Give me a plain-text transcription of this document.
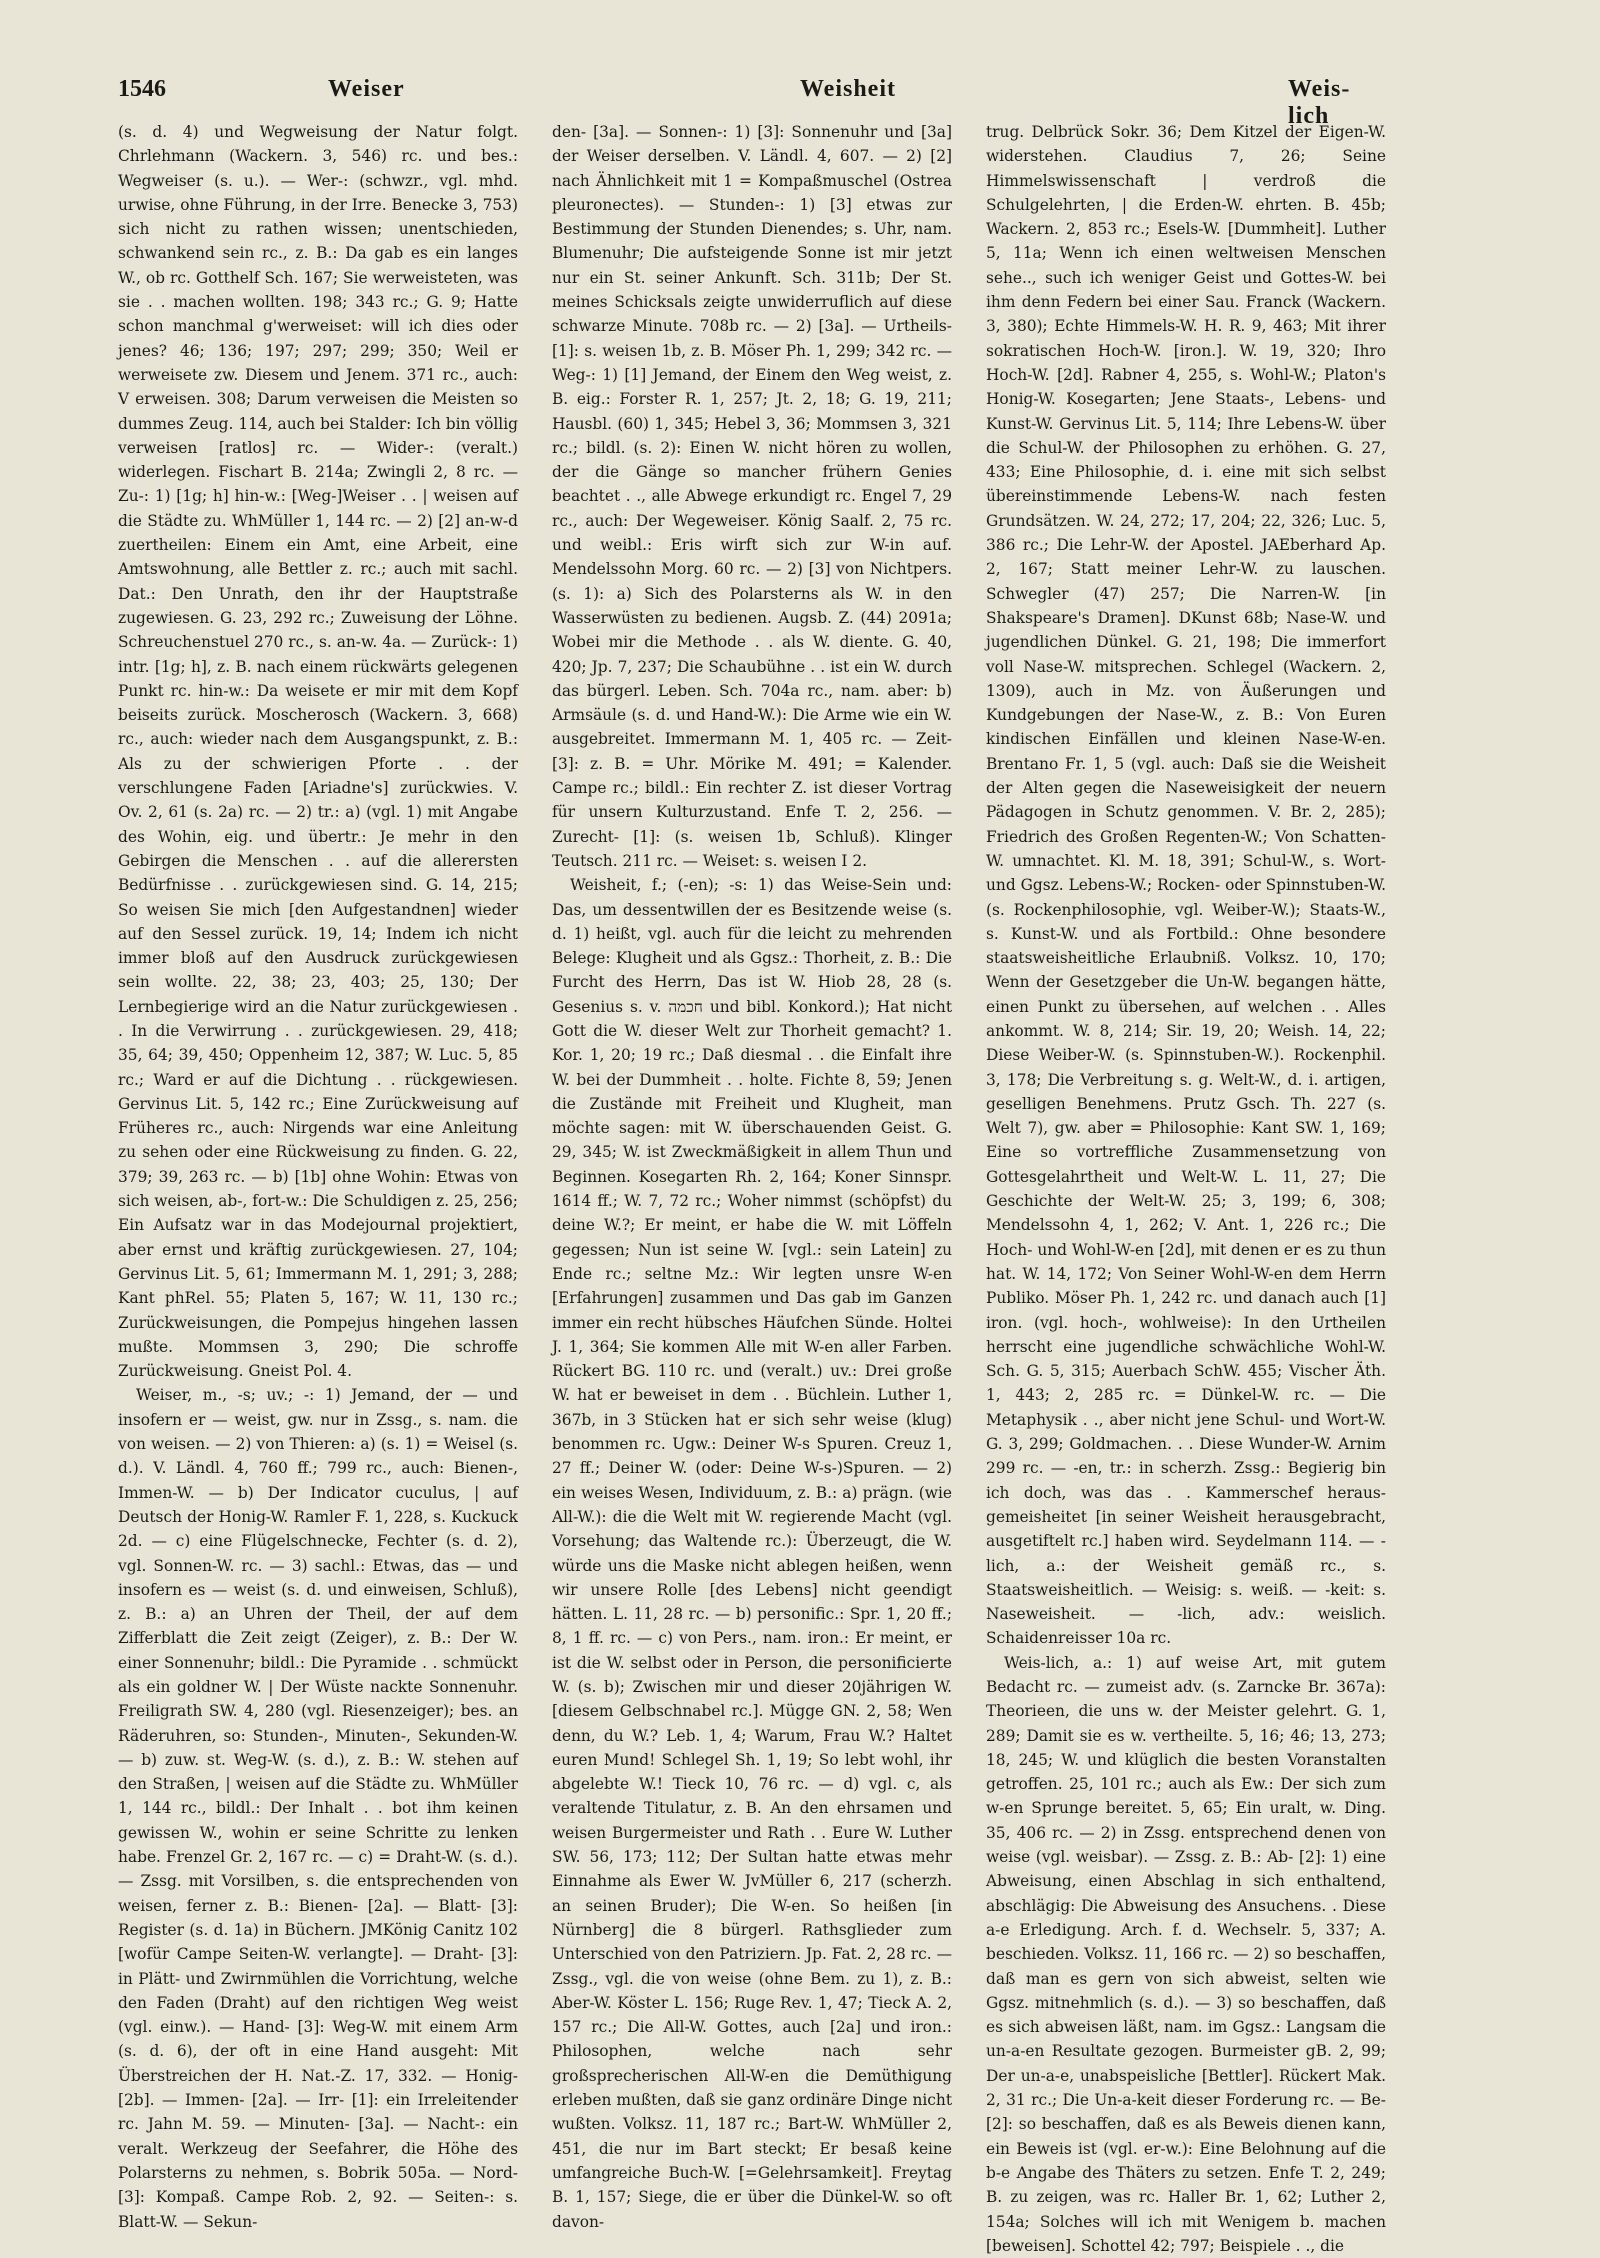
1546	Weiser	Weisheit	Weis-lich

(s. d. 4) und Wegweisung der Natur folgt. Chrlehmann (Wackern. 3, 546) rc. und bes.: Wegweiser (s. u.). — Wer-: (schwzr., vgl. mhd. urwise, ohne Führung, in der Irre. Benecke 3, 753) sich nicht zu rathen wissen; unentschieden, schwankend sein rc., z. B.: Da gab es ein langes W., ob rc. Gotthelf Sch. 167; Sie werweisteten, was sie . . machen wollten. 198; 343 rc.; G. 9; Hatte schon manchmal g'werweiset: will ich dies oder jenes? 46; 136; 197; 297; 299; 350; Weil er werweisete zw. Diesem und Jenem. 371 rc., auch: V erweisen. 308; Darum verweisen die Meisten so dummes Zeug. 114, auch bei Stalder: Ich bin völlig verweisen [ratlos] rc. — Wider-: (veralt.) widerlegen. Fischart B. 214a; Zwingli 2, 8 rc. — Zu-: 1) [1g; h] hin-w.: [Weg-]Weiser . . | weisen auf die Städte zu. WhMüller 1, 144 rc. — 2) [2] an-w-d zuertheilen: Einem ein Amt, eine Arbeit, eine Amtswohnung, alle Bettler z. rc.; auch mit sachl. Dat.: Den Unrath, den ihr der Hauptstraße zugewiesen. G. 23, 292 rc.; Zuweisung der Löhne. Schreuchenstuel 270 rc., s. an-w. 4a. — Zurück-: 1) intr. [1g; h], z. B. nach einem rückwärts gelegenen Punkt rc. hin-w.: Da weisete er mir mit dem Kopf beiseits zurück. Moscherosch (Wackern. 3, 668) rc., auch: wieder nach dem Ausgangspunkt, z. B.: Als zu der schwierigen Pforte . . der verschlungene Faden [Ariadne's] zurückwies. V. Ov. 2, 61 (s. 2a) rc. — 2) tr.: a) (vgl. 1) mit Angabe des Wohin, eig. und übertr.: Je mehr in den Gebirgen die Menschen . . auf die allerersten Bedürfnisse . . zurückgewiesen sind. G. 14, 215; So weisen Sie mich [den Aufgestandnen] wieder auf den Sessel zurück. 19, 14; Indem ich nicht immer bloß auf den Ausdruck zurückgewiesen sein wollte. 22, 38; 23, 403; 25, 130; Der Lernbegierige wird an die Natur zurückgewiesen . . In die Verwirrung . . zurückgewiesen. 29, 418; 35, 64; 39, 450; Oppenheim 12, 387; W. Luc. 5, 85 rc.; Ward er auf die Dichtung . . rückgewiesen. Gervinus Lit. 5, 142 rc.; Eine Zurückweisung auf Früheres rc., auch: Nirgends war eine Anleitung zu sehen oder eine Rückweisung zu finden. G. 22, 379; 39, 263 rc. — b) [1b] ohne Wohin: Etwas von sich weisen, ab-, fort-w.: Die Schuldigen z. 25, 256; Ein Aufsatz war in das Modejournal projektiert, aber ernst und kräftig zurückgewiesen. 27, 104; Gervinus Lit. 5, 61; Immermann M. 1, 291; 3, 288; Kant phRel. 55; Platen 5, 167; W. 11, 130 rc.; Zurückweisungen, die Pompejus hingehen lassen mußte. Mommsen 3, 290; Die schroffe Zurückweisung. Gneist Pol. 4.

Weiser, m., -s; uv.; -: 1) Jemand, der — und insofern er — weist, gw. nur in Zssg., s. nam. die von weisen. — 2) von Thieren: a) (s. 1) = Weisel (s. d.). V. Ländl. 4, 760 ff.; 799 rc., auch: Bienen-, Immen-W. — b) Der Indicator cuculus, | auf Deutsch der Honig-W. Ramler F. 1, 228, s. Kuckuck 2d. — c) eine Flügelschnecke, Fechter (s. d. 2), vgl. Sonnen-W. rc. — 3) sachl.: Etwas, das — und insofern es — weist (s. d. und einweisen, Schluß), z. B.: a) an Uhren der Theil, der auf dem Zifferblatt die Zeit zeigt (Zeiger), z. B.: Der W. einer Sonnenuhr; bildl.: Die Pyramide . . schmückt als ein goldner W. | Der Wüste nackte Sonnenuhr. Freiligrath SW. 4, 280 (vgl. Riesenzeiger); bes. an Räderuhren, so: Stunden-, Minuten-, Sekunden-W. — b) zuw. st. Weg-W. (s. d.), z. B.: W. stehen auf den Straßen, | weisen auf die Städte zu. WhMüller 1, 144 rc., bildl.: Der Inhalt . . bot ihm keinen gewissen W., wohin er seine Schritte zu lenken habe. Frenzel Gr. 2, 167 rc. — c) = Draht-W. (s. d.). — Zssg. mit Vorsilben, s. die entsprechenden von weisen, ferner z. B.: Bienen- [2a]. — Blatt- [3]: Register (s. d. 1a) in Büchern. JMKönig Canitz 102 [wofür Campe Seiten-W. verlangte]. — Draht- [3]: in Plätt- und Zwirnmühlen die Vorrichtung, welche den Faden (Draht) auf den richtigen Weg weist (vgl. einw.). — Hand- [3]: Weg-W. mit einem Arm (s. d. 6), der oft in eine Hand ausgeht: Mit Überstreichen der H. Nat.-Z. 17, 332. — Honig- [2b]. — Immen- [2a]. — Irr- [1]: ein Irreleitender rc. Jahn M. 59. — Minuten- [3a]. — Nacht-: ein veralt. Werkzeug der Seefahrer, die Höhe des Polarsterns zu nehmen, s. Bobrik 505a. — Nord- [3]: Kompaß. Campe Rob. 2, 92. — Seiten-: s. Blatt-W. — Sekun-

den- [3a]. — Sonnen-: 1) [3]: Sonnenuhr und [3a] der Weiser derselben. V. Ländl. 4, 607. — 2) [2] nach Ähnlichkeit mit 1 = Kompaßmuschel (Ostrea pleuronectes). — Stunden-: 1) [3] etwas zur Bestimmung der Stunden Dienendes; s. Uhr, nam. Blumenuhr; Die aufsteigende Sonne ist mir jetzt nur ein St. seiner Ankunft. Sch. 311b; Der St. meines Schicksals zeigte unwiderruflich auf diese schwarze Minute. 708b rc. — 2) [3a]. — Urtheils- [1]: s. weisen 1b, z. B. Möser Ph. 1, 299; 342 rc. — Weg-: 1) [1] Jemand, der Einem den Weg weist, z. B. eig.: Forster R. 1, 257; Jt. 2, 18; G. 19, 211; Hausbl. (60) 1, 345; Hebel 3, 36; Mommsen 3, 321 rc.; bildl. (s. 2): Einen W. nicht hören zu wollen, der die Gänge so mancher frühern Genies beachtet . ., alle Abwege erkundigt rc. Engel 7, 29 rc., auch: Der Wegeweiser. König Saalf. 2, 75 rc. und weibl.: Eris wirft sich zur W-in auf. Mendelssohn Morg. 60 rc. — 2) [3] von Nichtpers. (s. 1): a) Sich des Polarsterns als W. in den Wasserwüsten zu bedienen. Augsb. Z. (44) 2091a; Wobei mir die Methode . . als W. diente. G. 40, 420; Jp. 7, 237; Die Schaubühne . . ist ein W. durch das bürgerl. Leben. Sch. 704a rc., nam. aber: b) Armsäule (s. d. und Hand-W.): Die Arme wie ein W. ausgebreitet. Immermann M. 1, 405 rc. — Zeit- [3]: z. B. = Uhr. Mörike M. 491; = Kalender. Campe rc.; bildl.: Ein rechter Z. ist dieser Vortrag für unsern Kulturzustand. Enfe T. 2, 256. — Zurecht- [1]: (s. weisen 1b, Schluß). Klinger Teutsch. 211 rc. — Weiset: s. weisen I 2.

Weisheit, f.; (-en); -s: 1) das Weise-Sein und: Das, um dessentwillen der es Besitzende weise (s. d. 1) heißt, vgl. auch für die leicht zu mehrenden Belege: Klugheit und als Ggsz.: Thorheit, z. B.: Die Furcht des Herrn, Das ist W. Hiob 28, 28 (s. Gesenius s. v. חכמה und bibl. Konkord.); Hat nicht Gott die W. dieser Welt zur Thorheit gemacht? 1. Kor. 1, 20; 19 rc.; Daß diesmal . . die Einfalt ihre W. bei der Dummheit . . holte. Fichte 8, 59; Jenen die Zustände mit Freiheit und Klugheit, man möchte sagen: mit W. überschauenden Geist. G. 29, 345; W. ist Zweckmäßigkeit in allem Thun und Beginnen. Kosegarten Rh. 2, 164; Koner Sinnspr. 1614 ff.; W. 7, 72 rc.; Woher nimmst (schöpfst) du deine W.?; Er meint, er habe die W. mit Löffeln gegessen; Nun ist seine W. [vgl.: sein Latein] zu Ende rc.; seltne Mz.: Wir legten unsre W-en [Erfahrungen] zusammen und Das gab im Ganzen immer ein recht hübsches Häufchen Sünde. Holtei J. 1, 364; Sie kommen Alle mit W-en aller Farben. Rückert BG. 110 rc. und (veralt.) uv.: Drei große W. hat er beweiset in dem . . Büchlein. Luther 1, 367b, in 3 Stücken hat er sich sehr weise (klug) benommen rc. Ugw.: Deiner W-s Spuren. Creuz 1, 27 ff.; Deiner W. (oder: Deine W-s-)Spuren. — 2) ein weises Wesen, Individuum, z. B.: a) prägn. (wie All-W.): die die Welt mit W. regierende Macht (vgl. Vorsehung; das Waltende rc.): Überzeugt, die W. würde uns die Maske nicht ablegen heißen, wenn wir unsere Rolle [des Lebens] nicht geendigt hätten. L. 11, 28 rc. — b) personific.: Spr. 1, 20 ff.; 8, 1 ff. rc. — c) von Pers., nam. iron.: Er meint, er ist die W. selbst oder in Person, die personificierte W. (s. b); Zwischen mir und dieser 20jährigen W. [diesem Gelbschnabel rc.]. Mügge GN. 2, 58; Wen denn, du W.? Leb. 1, 4; Warum, Frau W.? Haltet euren Mund! Schlegel Sh. 1, 19; So lebt wohl, ihr abgelebte W.! Tieck 10, 76 rc. — d) vgl. c, als veraltende Titulatur, z. B. An den ehrsamen und weisen Burgermeister und Rath . . Eure W. Luther SW. 56, 173; 112; Der Sultan hatte etwas mehr Einnahme als Ewer W. JvMüller 6, 217 (scherzh. an seinen Bruder); Die W-en. So heißen [in Nürnberg] die 8 bürgerl. Rathsglieder zum Unterschied von den Patriziern. Jp. Fat. 2, 28 rc. — Zssg., vgl. die von weise (ohne Bem. zu 1), z. B.: Aber-W. Köster L. 156; Ruge Rev. 1, 47; Tieck A. 2, 157 rc.; Die All-W. Gottes, auch [2a] und iron.: Philosophen, welche nach sehr großsprecherischen All-W-en die Demüthigung erleben mußten, daß sie ganz ordinäre Dinge nicht wußten. Volksz. 11, 187 rc.; Bart-W. WhMüller 2, 451, die nur im Bart steckt; Er besaß keine umfangreiche Buch-W. [=Gelehrsamkeit]. Freytag B. 1, 157; Siege, die er über die Dünkel-W. so oft davon-

trug. Delbrück Sokr. 36; Dem Kitzel der Eigen-W. widerstehen. Claudius 7, 26; Seine Himmelswissenschaft | verdroß die Schulgelehrten, | die Erden-W. ehrten. B. 45b; Wackern. 2, 853 rc.; Esels-W. [Dummheit]. Luther 5, 11a; Wenn ich einen weltweisen Menschen sehe.., such ich weniger Geist und Gottes-W. bei ihm denn Federn bei einer Sau. Franck (Wackern. 3, 380); Echte Himmels-W. H. R. 9, 463; Mit ihrer sokratischen Hoch-W. [iron.]. W. 19, 320; Ihro Hoch-W. [2d]. Rabner 4, 255, s. Wohl-W.; Platon's Honig-W. Kosegarten; Jene Staats-, Lebens- und Kunst-W. Gervinus Lit. 5, 114; Ihre Lebens-W. über die Schul-W. der Philosophen zu erhöhen. G. 27, 433; Eine Philosophie, d. i. eine mit sich selbst übereinstimmende Lebens-W. nach festen Grundsätzen. W. 24, 272; 17, 204; 22, 326; Luc. 5, 386 rc.; Die Lehr-W. der Apostel. JAEberhard Ap. 2, 167; Statt meiner Lehr-W. zu lauschen. Schwegler (47) 257; Die Narren-W. [in Shakspeare's Dramen]. DKunst 68b; Nase-W. und jugendlichen Dünkel. G. 21, 198; Die immerfort voll Nase-W. mitsprechen. Schlegel (Wackern. 2, 1309), auch in Mz. von Äußerungen und Kundgebungen der Nase-W., z. B.: Von Euren kindischen Einfällen und kleinen Nase-W-en. Brentano Fr. 1, 5 (vgl. auch: Daß sie die Weisheit der Alten gegen die Naseweisigkeit der neuern Pädagogen in Schutz genommen. V. Br. 2, 285); Friedrich des Großen Regenten-W.; Von Schatten-W. umnachtet. Kl. M. 18, 391; Schul-W., s. Wort- und Ggsz. Lebens-W.; Rocken- oder Spinnstuben-W. (s. Rockenphilosophie, vgl. Weiber-W.); Staats-W., s. Kunst-W. und als Fortbild.: Ohne besondere staatsweisheitliche Erlaubniß. Volksz. 10, 170; Wenn der Gesetzgeber die Un-W. begangen hätte, einen Punkt zu übersehen, auf welchen . . Alles ankommt. W. 8, 214; Sir. 19, 20; Weish. 14, 22; Diese Weiber-W. (s. Spinnstuben-W.). Rockenphil. 3, 178; Die Verbreitung s. g. Welt-W., d. i. artigen, geselligen Benehmens. Prutz Gsch. Th. 227 (s. Welt 7), gw. aber = Philosophie: Kant SW. 1, 169; Eine so vortreffliche Zusammensetzung von Gottesgelahrtheit und Welt-W. L. 11, 27; Die Geschichte der Welt-W. 25; 3, 199; 6, 308; Mendelssohn 4, 1, 262; V. Ant. 1, 226 rc.; Die Hoch- und Wohl-W-en [2d], mit denen er es zu thun hat. W. 14, 172; Von Seiner Wohl-W-en dem Herrn Publiko. Möser Ph. 1, 242 rc. und danach auch [1] iron. (vgl. hoch-, wohlweise): In den Urtheilen herrscht eine jugendliche schwächliche Wohl-W. Sch. G. 5, 315; Auerbach SchW. 455; Vischer Äth. 1, 443; 2, 285 rc. = Dünkel-W. rc. — Die Metaphysik . ., aber nicht jene Schul- und Wort-W. G. 3, 299; Goldmachen. . . Diese Wunder-W. Arnim 299 rc. — -en, tr.: in scherzh. Zssg.: Begierig bin ich doch, was das . . Kammerschef heraus-gemeisheitet [in seiner Weisheit herausgebracht, ausgetiftelt rc.] haben wird. Seydelmann 114. — -lich, a.: der Weisheit gemäß rc., s. Staatsweisheitlich. — Weisig: s. weiß. — -keit: s. Naseweisheit. — -lich, adv.: weislich. Schaidenreisser 10a rc.

Weis-lich, a.: 1) auf weise Art, mit gutem Bedacht rc. — zumeist adv. (s. Zarncke Br. 367a): Theorieen, die uns w. der Meister gelehrt. G. 1, 289; Damit sie es w. vertheilte. 5, 16; 46; 13, 273; 18, 245; W. und klüglich die besten Voranstalten getroffen. 25, 101 rc.; auch als Ew.: Der sich zum w-en Sprunge bereitet. 5, 65; Ein uralt, w. Ding. 35, 406 rc. — 2) in Zssg. entsprechend denen von weise (vgl. weisbar). — Zssg. z. B.: Ab- [2]: 1) eine Abweisung, einen Abschlag in sich enthaltend, abschlägig: Die Abweisung des Ansuchens. . Diese a-e Erledigung. Arch. f. d. Wechselr. 5, 337; A. beschieden. Volksz. 11, 166 rc. — 2) so beschaffen, daß man es gern von sich abweist, selten wie Ggsz. mitnehmlich (s. d.). — 3) so beschaffen, daß es sich abweisen läßt, nam. im Ggsz.: Langsam die un-a-en Resultate gezogen. Burmeister gB. 2, 99; Der un-a-e, unabspeisliche [Bettler]. Rückert Mak. 2, 31 rc.; Die Un-a-keit dieser Forderung rc. — Be- [2]: so beschaffen, daß es als Beweis dienen kann, ein Beweis ist (vgl. er-w.): Eine Belohnung auf die b-e Angabe des Thäters zu setzen. Enfe T. 2, 249; B. zu zeigen, was rc. Haller Br. 1, 62; Luther 2, 154a; Solches will ich mit Wenigem b. machen [beweisen]. Schottel 42; 797; Beispiele . ., die
